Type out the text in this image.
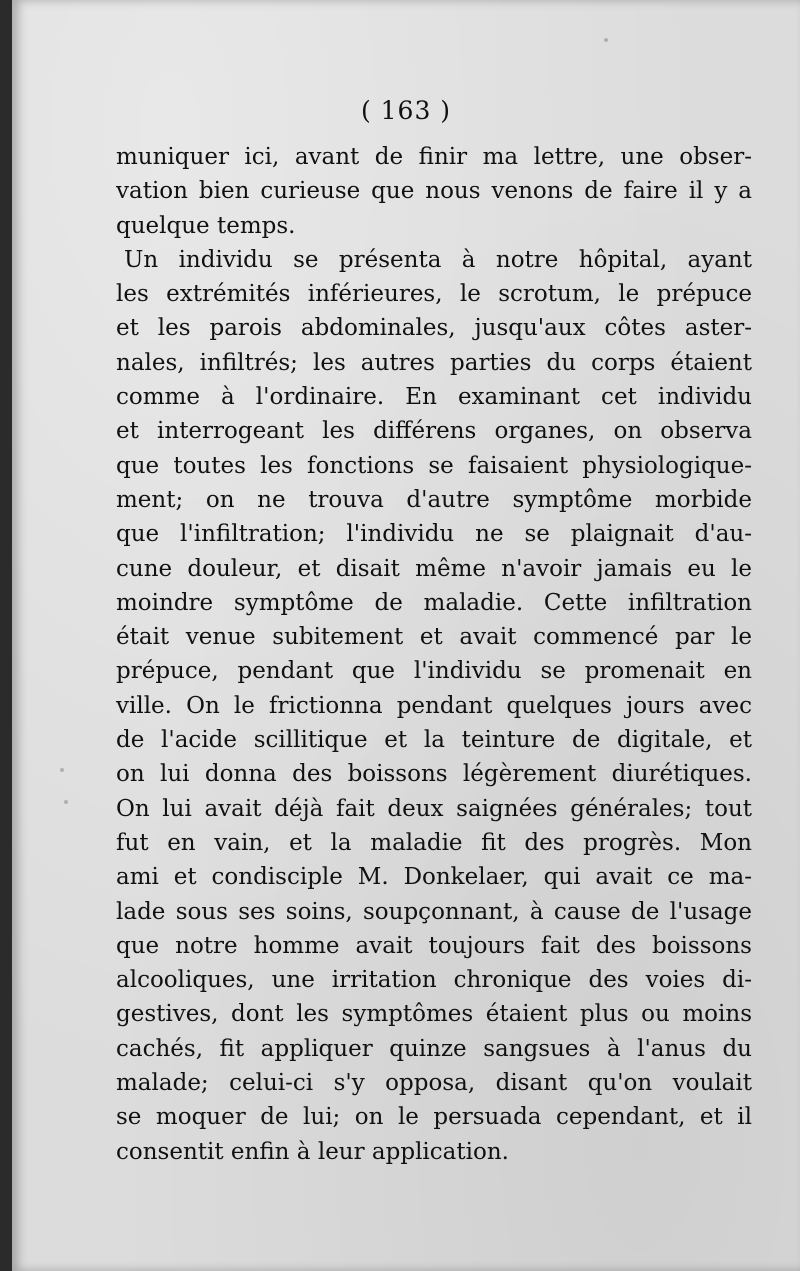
( 163 )
muniquer ici, avant de finir ma lettre, une obser-
vation bien curieuse que nous venons de faire il y a
quelque temps.
Un individu se présenta à notre hôpital, ayant
les extrémités inférieures, le scrotum, le prépuce
et les parois abdominales, jusqu'aux côtes aster-
nales, infiltrés; les autres parties du corps étaient
comme à l'ordinaire. En examinant cet individu
et interrogeant les différens organes, on observa
que toutes les fonctions se faisaient physiologique-
ment; on ne trouva d'autre symptôme morbide
que l'infiltration; l'individu ne se plaignait d'au-
cune douleur, et disait même n'avoir jamais eu le
moindre symptôme de maladie. Cette infiltration
était venue subitement et avait commencé par le
prépuce, pendant que l'individu se promenait en
ville. On le frictionna pendant quelques jours avec
de l'acide scillitique et la teinture de digitale, et
on lui donna des boissons légèrement diurétiques.
On lui avait déjà fait deux saignées générales; tout
fut en vain, et la maladie fit des progrès. Mon
ami et condisciple M. Donkelaer, qui avait ce ma-
lade sous ses soins, soupçonnant, à cause de l'usage
que notre homme avait toujours fait des boissons
alcooliques, une irritation chronique des voies di-
gestives, dont les symptômes étaient plus ou moins
cachés, fit appliquer quinze sangsues à l'anus du
malade; celui-ci s'y opposa, disant qu'on voulait
se moquer de lui; on le persuada cependant, et il
consentit enfin à leur application.
